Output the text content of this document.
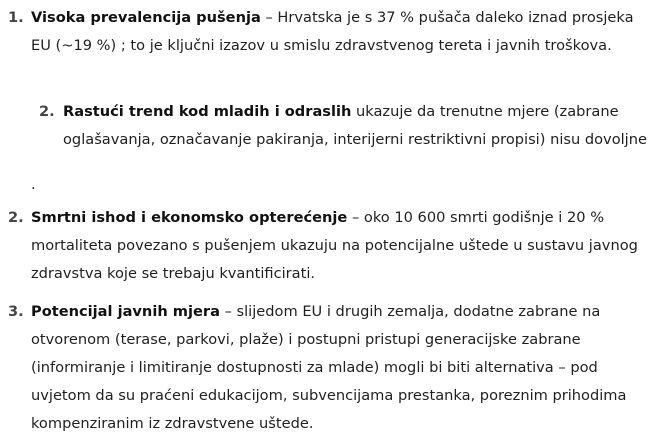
1. Visoka prevalencija pušenja – Hrvatska je s 37 % pušača daleko iznad prosjeka EU (~19 %) ; to je ključni izazov u smislu zdravstvenog tereta i javnih troškova.
2. Rastući trend kod mladih i odraslih ukazuje da trenutne mjere (zabrane oglašavanja, označavanje pakiranja, interijerni restriktivni propisi) nisu dovoljne
.
2. Smrtni ishod i ekonomsko opterećenje – oko 10 600 smrti godišnje i 20 % mortaliteta povezano s pušenjem ukazuju na potencijalne uštede u sustavu javnog zdravstva koje se trebaju kvantificirati.
3. Potencijal javnih mjera – slijedom EU i drugih zemalja, dodatne zabrane na otvorenom (terase, parkovi, plaže) i postupni pristupi generacijske zabrane (informiranje i limitiranje dostupnosti za mlade) mogli bi biti alternativa – pod uvjetom da su praćeni edukacijom, subvencijama prestanka, poreznim prihodima kompenziranim iz zdravstvene uštede.
